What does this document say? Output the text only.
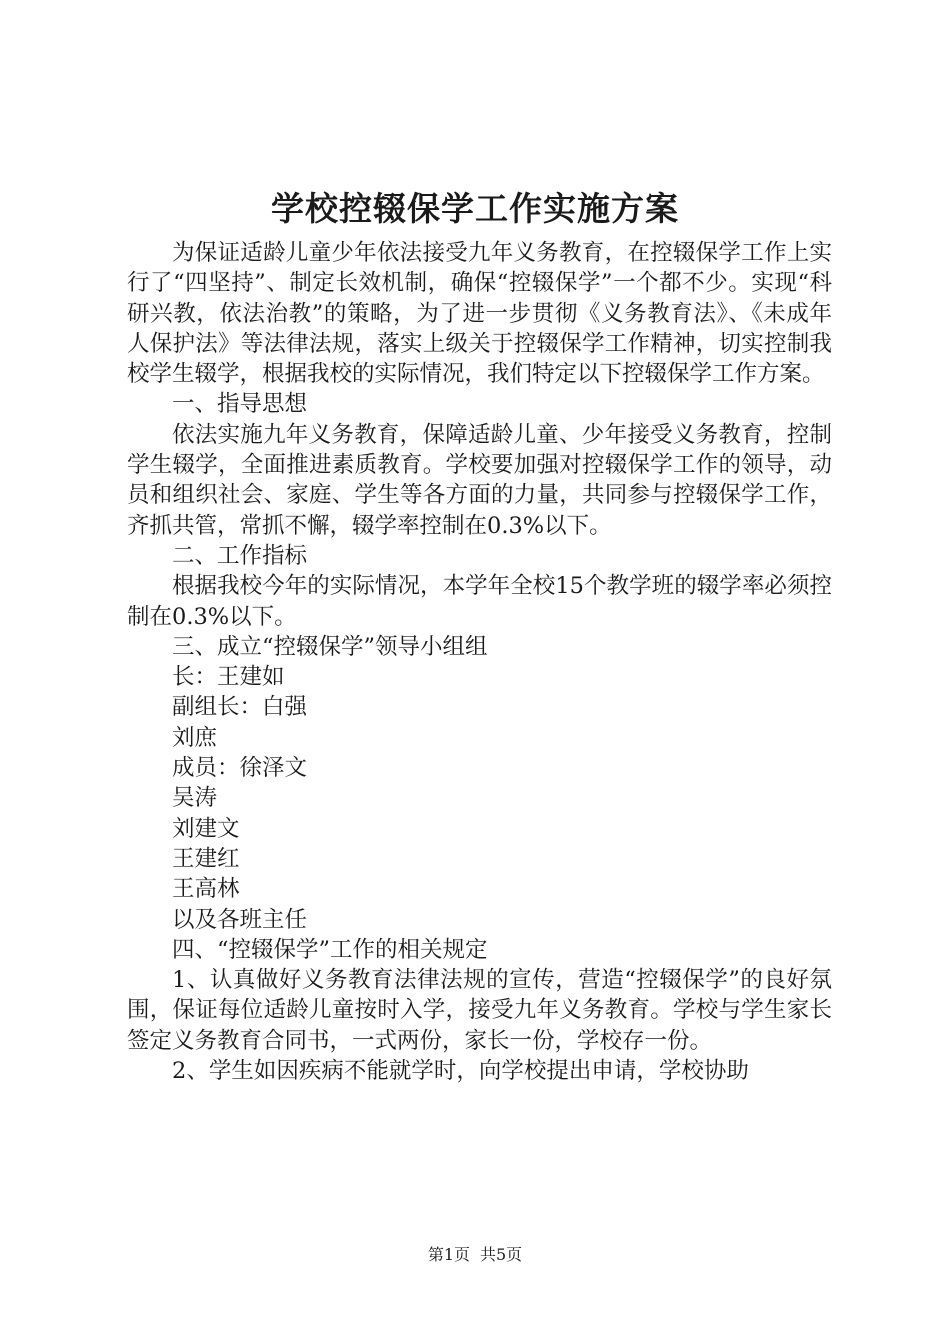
学校控辍保学工作实施方案

为保证适龄儿童少年依法接受九年义务教育，在控辍保学工作上实行了“四坚持”、制定长效机制，确保“控辍保学”一个都不少。实现“科研兴教，依法治教”的策略，为了进一步贯彻《义务教育法》、《未成年人保护法》等法律法规，落实上级关于控辍保学工作精神，切实控制我校学生辍学，根据我校的实际情况，我们特定以下控辍保学工作方案。

一、指导思想

依法实施九年义务教育，保障适龄儿童、少年接受义务教育，控制学生辍学，全面推进素质教育。学校要加强对控辍保学工作的领导，动员和组织社会、家庭、学生等各方面的力量，共同参与控辍保学工作，齐抓共管，常抓不懈，辍学率控制在0.3%以下。

二、工作指标

根据我校今年的实际情况，本学年全校15个教学班的辍学率必须控制在0.3%以下。

三、成立“控辍保学”领导小组组

长：王建如

副组长：白强

刘庶

成员：徐泽文

吴涛

刘建文

王建红

王高林

以及各班主任

四、“控辍保学”工作的相关规定

1、认真做好义务教育法律法规的宣传，营造“控辍保学”的良好氛围，保证每位适龄儿童按时入学，接受九年义务教育。学校与学生家长签定义务教育合同书，一式两份，家长一份，学校存一份。

2、学生如因疾病不能就学时，向学校提出申请，学校协助

第1页 共5页
